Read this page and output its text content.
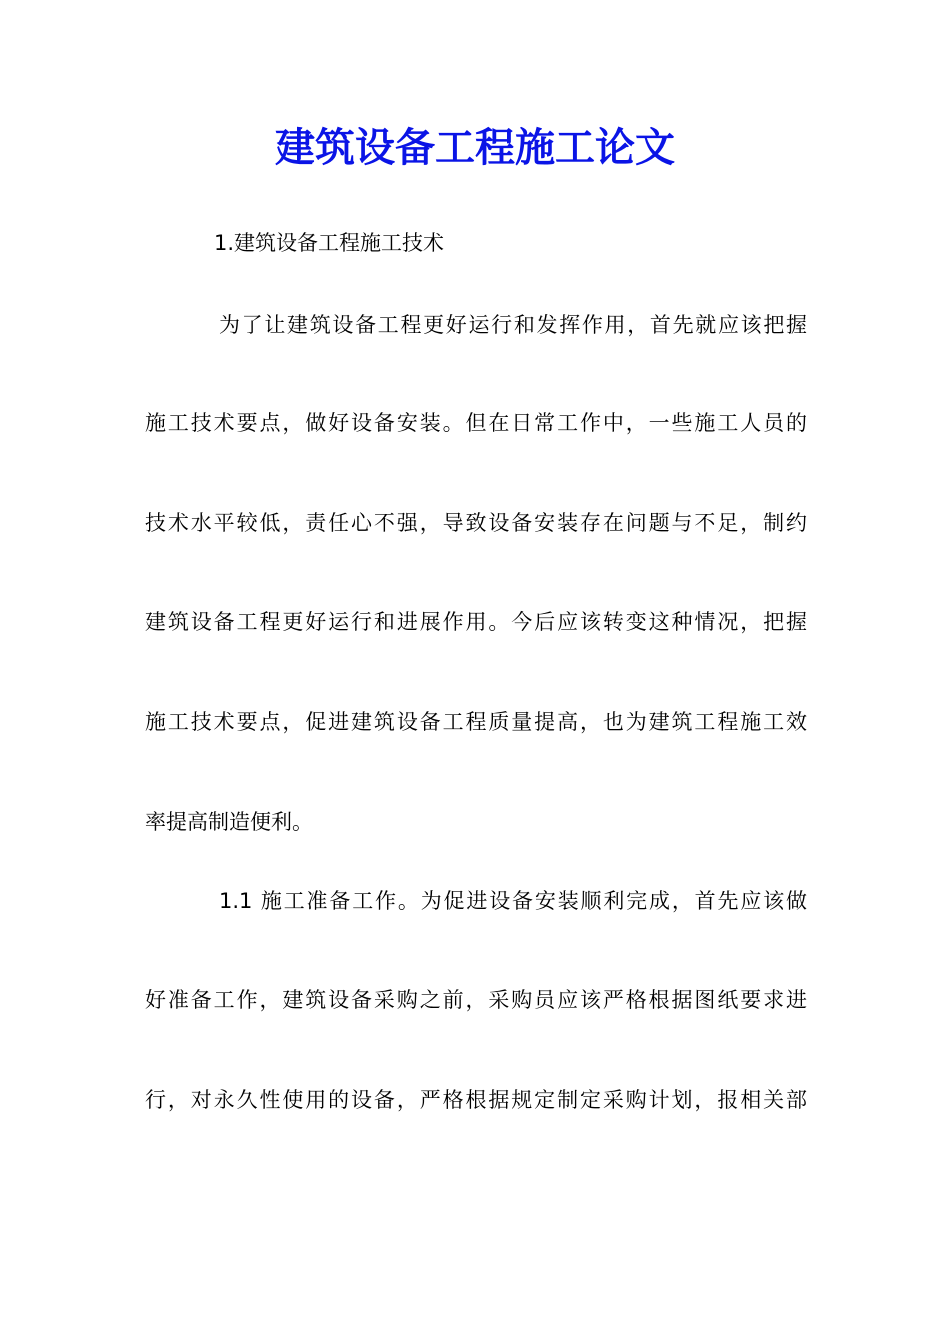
建筑设备工程施工论文
1.建筑设备工程施工技术
为了让建筑设备工程更好运行和发挥作用，首先就应该把握
施工技术要点，做好设备安装。但在日常工作中，一些施工人员的
技术水平较低，责任心不强，导致设备安装存在问题与不足，制约
建筑设备工程更好运行和进展作用。今后应该转变这种情况，把握
施工技术要点，促进建筑设备工程质量提高，也为建筑工程施工效
率提高制造便利。
1.1 施工准备工作。为促进设备安装顺利完成，首先应该做
好准备工作，建筑设备采购之前，采购员应该严格根据图纸要求进
行，对永久性使用的设备，严格根据规定制定采购计划，报相关部
